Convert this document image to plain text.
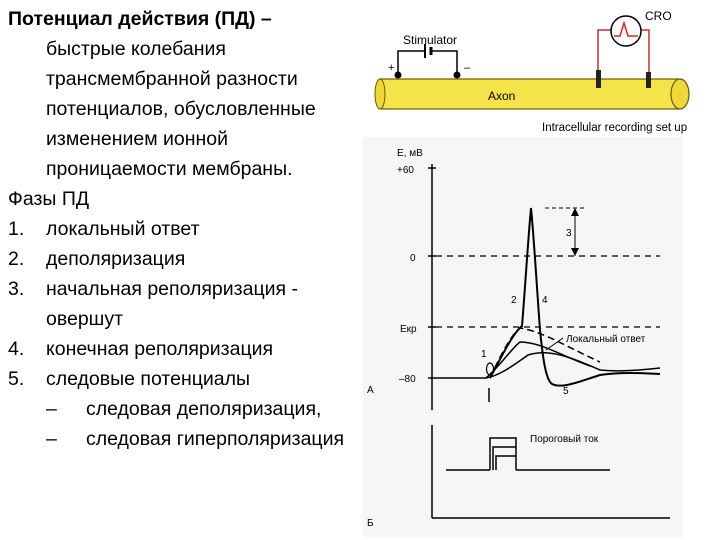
Потенциал действия (ПД) –
быстрые колебания
трансмембранной разности
потенциалов, обусловленные
изменением ионной
проницаемости мембраны.
Фазы ПД
1. локальный ответ
2. деполяризация
3. начальная реполяризация -
овершут
4. конечная реполяризация
5. следовые потенциалы
– следовая деполяризация,
– следовая гиперполяризация
Stimulator
+	–
Axon
CRO
Intracellular recording set up
E, мВ
+60
0
Екр
–80
Локальный ответ
1
2
3
4
5
А
Б
Пороговый ток
